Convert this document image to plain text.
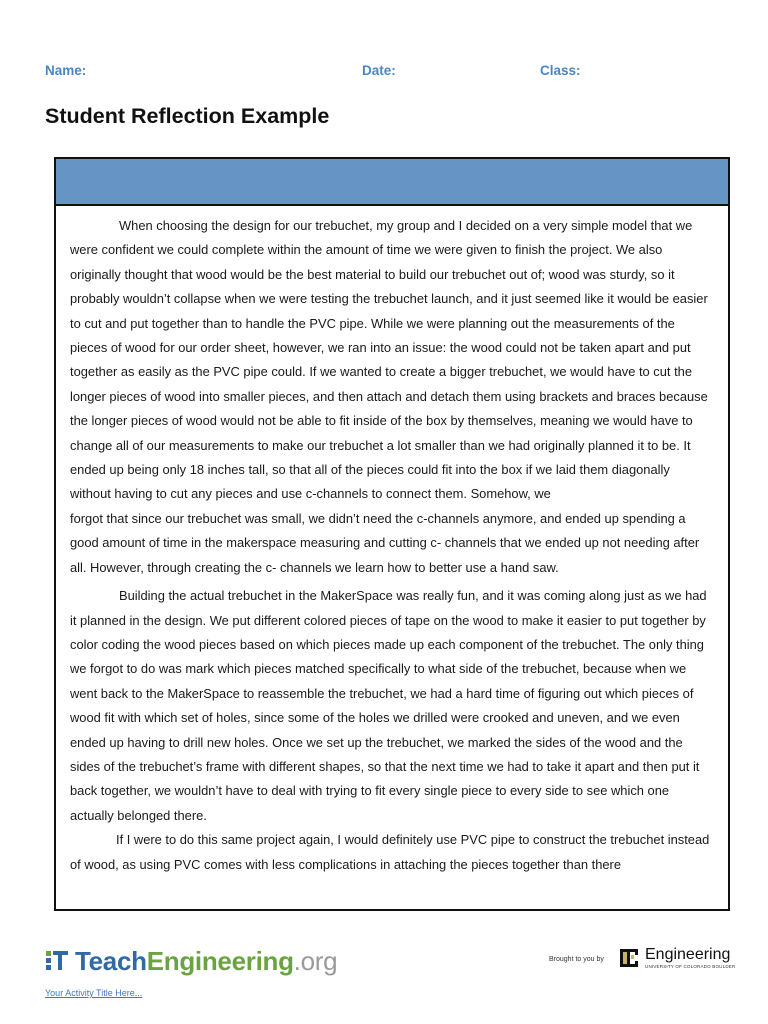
Name:	Date:	Class:
Student Reflection Example

When choosing the design for our trebuchet, my group and I decided on a very simple model that we were confident we could complete within the amount of time we were given to finish the project. We also originally thought that wood would be the best material to build our trebuchet out of; wood was sturdy, so it probably wouldn’t collapse when we were testing the trebuchet launch, and it just seemed like it would be easier to cut and put together than to handle the PVC pipe. While we were planning out the measurements of the pieces of wood for our order sheet, however, we ran into an issue: the wood could not be taken apart and put together as easily as the PVC pipe could. If we wanted to create a bigger trebuchet, we would have to cut the longer pieces of wood into smaller pieces, and then attach and detach them using brackets and braces because the longer pieces of wood would not be able to fit inside of the box by themselves, meaning we would have to change all of our measurements to make our trebuchet a lot smaller than we had originally planned it to be. It ended up being only 18 inches tall, so that all of the pieces could fit into the box if we laid them diagonally without having to cut any pieces and use c-channels to connect them. Somehow, we

forgot that since our trebuchet was small, we didn’t need the c-channels anymore, and ended up spending a good amount of time in the makerspace measuring and cutting c- channels that we ended up not needing after all. However, through creating the c- channels we learn how to better use a hand saw.

Building the actual trebuchet in the MakerSpace was really fun, and it was coming along just as we had it planned in the design. We put different colored pieces of tape on the wood to make it easier to put together by color coding the wood pieces based on which pieces made up each component of the trebuchet. The only thing we forgot to do was mark which pieces matched specifically to what side of the trebuchet, because when we went back to the MakerSpace to reassemble the trebuchet, we had a hard time of figuring out which pieces of wood fit with which set of holes, since some of the holes we drilled were crooked and uneven, and we even ended up having to drill new holes. Once we set up the trebuchet, we marked the sides of the wood and the sides of the trebuchet’s frame with different shapes, so that the next time we had to take it apart and then put it back together, we wouldn’t have to deal with trying to fit every single piece to every side to see which one actually belonged there.

If I were to do this same project again, I would definitely use PVC pipe to construct the trebuchet instead of wood, as using PVC comes with less complications in attaching the pieces together than there

TeachEngineering.org	Brought to you by	Engineering
UNIVERSITY OF COLORADO BOULDER
Your Activity Title Here...
